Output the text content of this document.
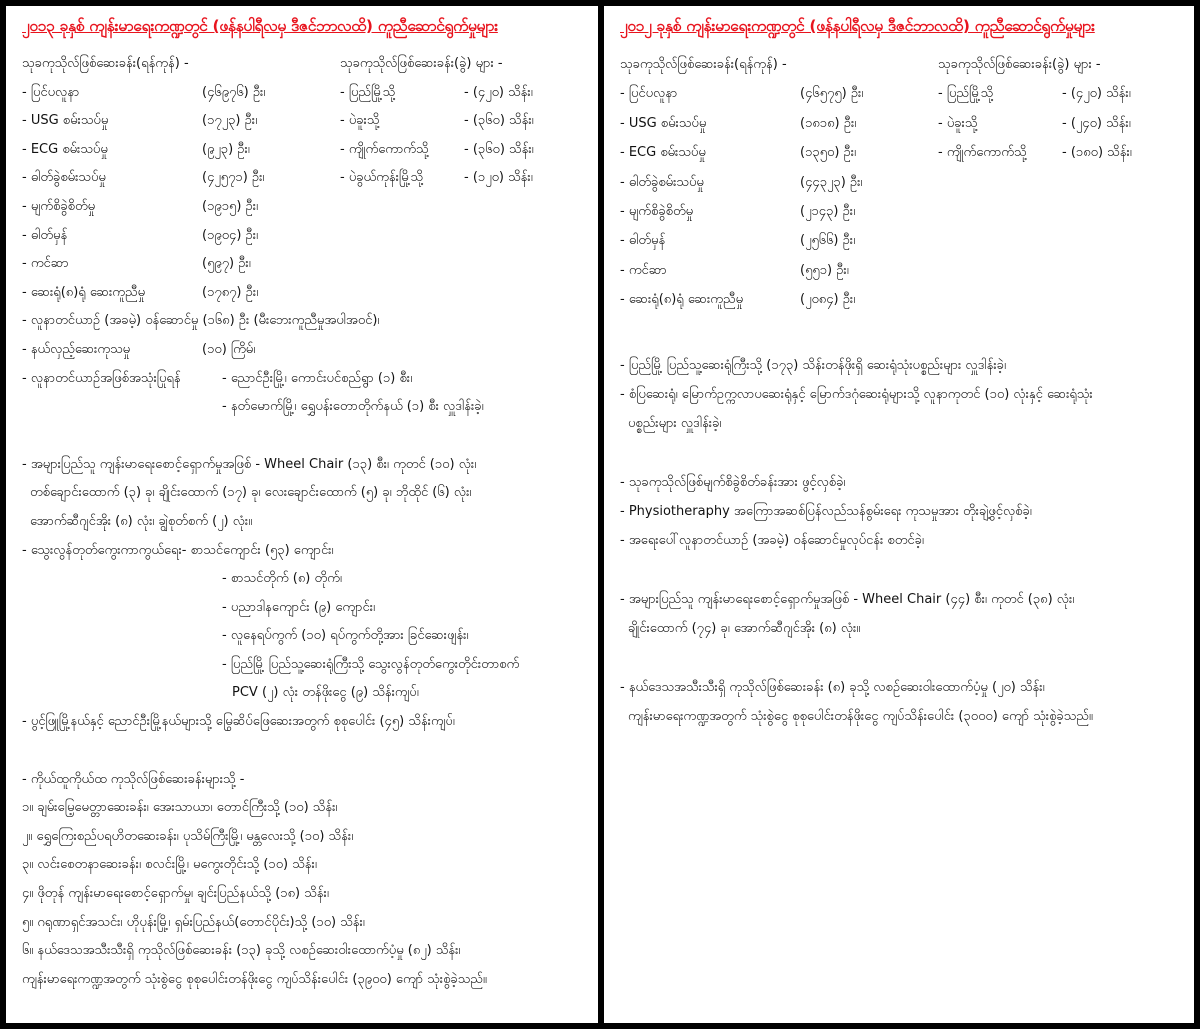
၂၀၁၃ ခုနှစ် ကျန်းမာရေးကဏ္ဍတွင် (ဖန်နပါရီလမှ ဒီဇင်ဘာလထိ) ကူညီဆောင်ရွက်မှုများ
သုခကုသိုလ်ဖြစ်ဆေးခန်း(ရန်ကုန်) -	သုခကုသိုလ်ဖြစ်ဆေးခန်း(ခွဲ) များ -
- ပြင်ပလူနာ	(၄၆၉၇၆) ဦး၊	- ပြည်မြို့သို့	- (၄၂၀) သိန်း၊
- USG စမ်းသပ်မှု	(၁၇၂၃) ဦး၊	- ပဲခူးသို့	- (၃၆၀) သိန်း၊
- ECG စမ်းသပ်မှု	(၉၂၃) ဦး၊	- ကျိုက်ကောက်သို့	- (၃၆၀) သိန်း၊
- ဓါတ်ခွဲစမ်းသပ်မှု	(၄၂၅၇၁) ဦး၊	- ပဲခွယ်ကုန်းမြို့သို့	- (၁၂၀) သိန်း၊
- မျက်စိခွဲစိတ်မှု	(၁၉၁၅) ဦး၊
- ဓါတ်မှန်	(၁၉၀၄) ဦး၊
- ကင်ဆာ	(၅၉၇) ဦး၊
- ဆေးရုံ(၈)ရုံ ဆေးကူညီမှု	(၁၇၈၇) ဦး၊
- လူနာတင်ယာဉ် (အခမဲ့) ဝန်ဆောင်မှု (၁၆၈) ဦး (မီးဘေးကူညီမှုအပါအဝင်)၊
- နယ်လှည့်ဆေးကုသမှု	(၁၀) ကြိမ်၊
- လူနာတင်ယာဉ်အဖြစ်အသုံးပြုရန်	- ညောင်ဦးမြို့၊ ကောင်းပင်စည်ရွာ (၁) စီး၊
- နတ်မောက်မြို့၊ ရွှေပန်းတောတိုက်နယ် (၁) စီး လှူဒါန်းခဲ့၊
- အများပြည်သူ ကျန်းမာရေးစောင့်ရှောက်မှုအဖြစ် - Wheel Chair (၁၃) စီး၊ ကုတင် (၁၀) လုံး၊
တစ်ချောင်းထောက် (၃) ခု၊ ချိုင်းထောက် (၁၇) ခု၊ လေးချောင်းထောက် (၅) ခု၊ ဘိုထိုင် (၆) လုံး၊
အောက်ဆီဂျင်အိုး (၈) လုံး၊ ချွဲစုတ်စက် (၂) လုံး။
- သွေးလွန်တုတ်ကွေးကာကွယ်ရေး- စာသင်ကျောင်း (၅၃) ကျောင်း၊
- စာသင်တိုက် (၈) တိုက်၊
- ပညာဒါနကျောင်း (၉) ကျောင်း၊
- လူနေရပ်ကွက် (၁၀) ရပ်ကွက်တို့အား ခြင်ဆေးဖျန်း၊
- ပြည်မြို့ ပြည်သူ့ဆေးရုံကြီးသို့ သွေးလွန်တုတ်ကွေးတိုင်းတာစက်
PCV (၂) လုံး တန်ဖိုးငွေ (၉) သိန်းကျပ်၊
- ပွင့်ဖြူမြို့နယ်နှင့် ညောင်ဦးမြို့နယ်များသို့ မြွေဆိပ်ဖြေဆေးအတွက် စုစုပေါင်း (၄၅) သိန်းကျပ်၊
- ကိုယ်ထူကိုယ်ထ ကုသိုလ်ဖြစ်ဆေးခန်းများသို့ -
၁။ ချမ်းမြေ့မေတ္တာဆေးခန်း၊ အေးသာယာ၊ တောင်ကြီးသို့ (၁၀) သိန်း၊
၂။ ရွှေကြေးစည်ပရဟိတဆေးခန်း၊ ပုသိမ်ကြီးမြို့၊ မန္တလေးသို့ (၁၀) သိန်း၊
၃။ လင်းစေတနာဆေးခန်း၊ စလင်းမြို့၊ မကွေးတိုင်းသို့ (၁၀) သိန်း၊
၄။ ဖိုတုန် ကျန်းမာရေးစောင့်ရှောက်မှု၊ ချင်းပြည်နယ်သို့ (၁၈) သိန်း၊
၅။ ဂရုဏာရှင်အသင်း၊ ဟိုပုန်းမြို့၊ ရှမ်းပြည်နယ်(တောင်ပိုင်း)သို့ (၁၀) သိန်း၊
၆။ နယ်ဒေသအသီးသီးရှိ ကုသိုလ်ဖြစ်ဆေးခန်း (၁၃) ခုသို့ လစဉ်ဆေးဝါးထောက်ပံ့မှု (၈၂) သိန်း၊
ကျန်းမာရေးကဏ္ဍအတွက် သုံးစွဲငွေ စုစုပေါင်းတန်ဖိုးငွေ ကျပ်သိန်းပေါင်း (၃၉၀၀) ကျော် သုံးစွဲခဲ့သည်။
၂၀၁၂ ခုနှစ် ကျန်းမာရေးကဏ္ဍတွင် (ဖန်နပါရီလမှ ဒီဇင်ဘာလထိ) ကူညီဆောင်ရွက်မှုများ
သုခကုသိုလ်ဖြစ်ဆေးခန်း(ရန်ကုန်) -	သုခကုသိုလ်ဖြစ်ဆေးခန်း(ခွဲ) များ -
- ပြင်ပလူနာ	(၄၆၅၇၅) ဦး၊	- ပြည်မြို့သို့	- (၄၂၀) သိန်း၊
- USG စမ်းသပ်မှု	(၁၈၁၈) ဦး၊	- ပဲခူးသို့	- (၂၄၀) သိန်း၊
- ECG စမ်းသပ်မှု	(၁၃၅၀) ဦး၊	- ကျိုက်ကောက်သို့	- (၁၈၀) သိန်း၊
- ဓါတ်ခွဲစမ်းသပ်မှု	(၄၄၃၂၃) ဦး၊
- မျက်စိခွဲစိတ်မှု	(၂၁၄၃) ဦး၊
- ဓါတ်မှန်	(၂၅၆၆) ဦး၊
- ကင်ဆာ	(၅၅၁) ဦး၊
- ဆေးရုံ(၈)ရုံ ဆေးကူညီမှု	(၂၀၈၄) ဦး၊
- ပြည်မြို့ ပြည်သူ့ဆေးရုံကြီးသို့ (၁၇၃) သိန်းတန်ဖိုးရှိ ဆေးရုံသုံးပစ္စည်းများ လှူဒါန်းခဲ့၊
- စံပြဆေးရုံ၊ မြောက်ဥက္ကလာပဆေးရုံနှင့် မြောက်ဒဂုံဆေးရုံများသို့ လူနာကုတင် (၁၀) လုံးနှင့် ဆေးရုံသုံး
ပစ္စည်းများ လှူဒါန်းခဲ့၊
- သုခကုသိုလ်ဖြစ်မျက်စိခွဲစိတ်ခန်းအား ဖွင့်လှစ်ခဲ့၊
- Physiotheraphy အကြောအဆစ်ပြန်လည်သန်စွမ်းရေး ကုသမှုအား တိုးချဲ့ဖွင့်လှစ်ခဲ့၊
- အရေးပေါ်လူနာတင်ယာဉ် (အခမဲ့) ဝန်ဆောင်မှုလုပ်ငန်း စတင်ခဲ့၊
- အများပြည်သူ ကျန်းမာရေးစောင့်ရှောက်မှုအဖြစ် - Wheel Chair (၄၄) စီး၊ ကုတင် (၃၈) လုံး၊
ချိုင်းထောက် (၇၄) ခု၊ အောက်ဆီဂျင်အိုး (၈) လုံး။
- နယ်ဒေသအသီးသီးရှိ ကုသိုလ်ဖြစ်ဆေးခန်း (၈) ခုသို့ လစဉ်ဆေးဝါးထောက်ပံ့မှု (၂၀) သိန်း၊
ကျန်းမာရေးကဏ္ဍအတွက် သုံးစွဲငွေ စုစုပေါင်းတန်ဖိုးငွေ ကျပ်သိန်းပေါင်း (၃၀၀၀) ကျော် သုံးစွဲခဲ့သည်။
